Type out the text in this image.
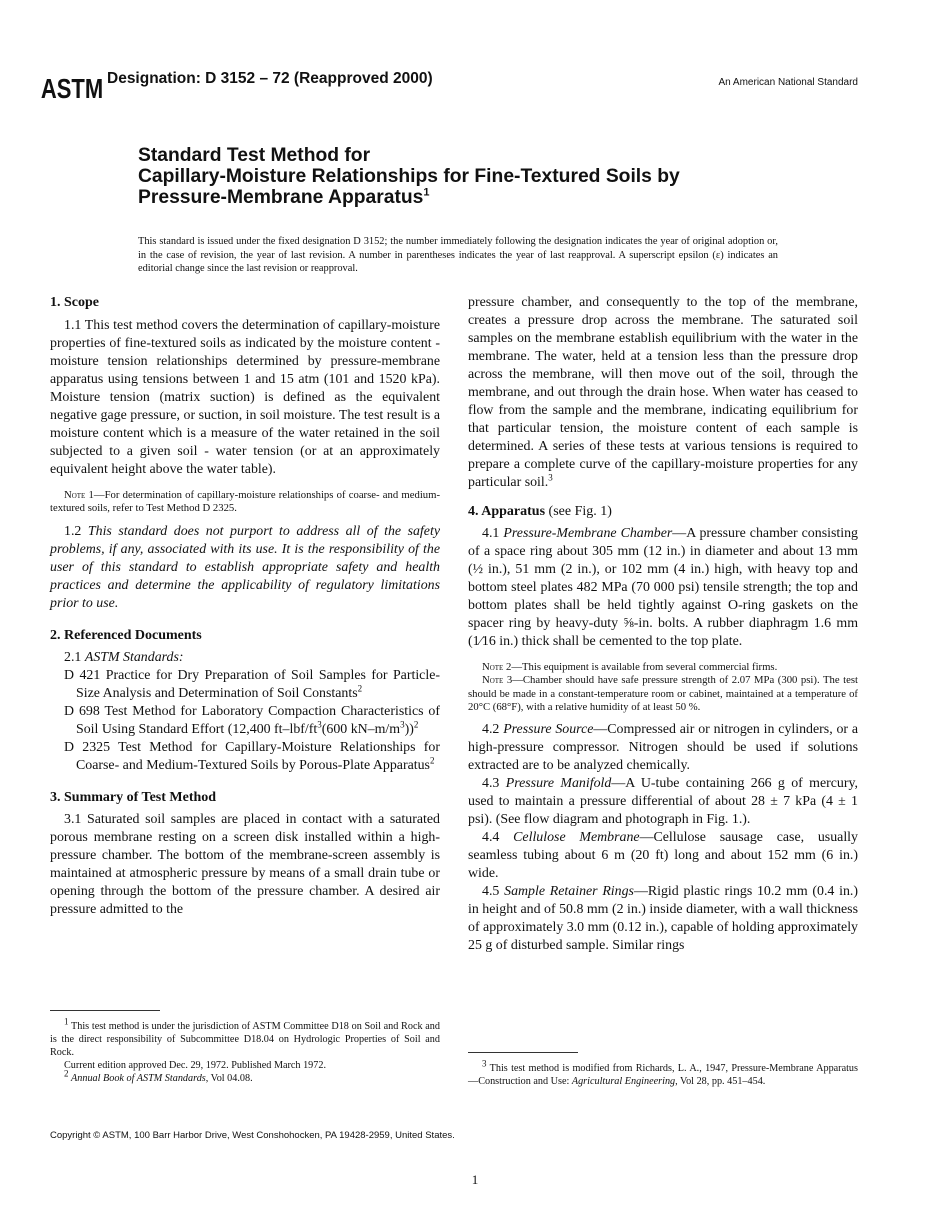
ASTM Designation: D 3152 – 72 (Reapproved 2000)	An American National Standard
Standard Test Method for
Capillary-Moisture Relationships for Fine-Textured Soils by
Pressure-Membrane Apparatus$^1$
This standard is issued under the fixed designation D 3152; the number immediately following the designation indicates the year of original adoption or, in the case of revision, the year of last revision. A number in parentheses indicates the year of last reapproval. A superscript epsilon (ε) indicates an editorial change since the last revision or reapproval.
1. Scope

1.1 This test method covers the determination of capillary-moisture properties of fine-textured soils as indicated by the moisture content - moisture tension relationships determined by pressure-membrane apparatus using tensions between 1 and 15 atm (101 and 1520 kPa). Moisture tension (matrix suction) is defined as the equivalent negative gage pressure, or suction, in soil moisture. The test result is a moisture content which is a measure of the water retained in the soil subjected to a given soil - water tension (or at an approximately equivalent height above the water table).

Note 1—For determination of capillary-moisture relationships of coarse- and medium-textured soils, refer to Test Method D 2325.

1.2 This standard does not purport to address all of the safety problems, if any, associated with its use. It is the responsibility of the user of this standard to establish appropriate safety and health practices and determine the applicability of regulatory limitations prior to use.

2. Referenced Documents

2.1 ASTM Standards:

D 421 Practice for Dry Preparation of Soil Samples for Particle-Size Analysis and Determination of Soil Constants$^2$

D 698 Test Method for Laboratory Compaction Characteristics of Soil Using Standard Effort (12,400 $ft-lbf/ft^3(600$ $kN-m/m^3))^2$

D 2325 Test Method for Capillary-Moisture Relationships for Coarse- and Medium-Textured Soils by Porous-Plate Apparatus$^2$

3. Summary of Test Method

3.1 Saturated soil samples are placed in contact with a saturated porous membrane resting on a screen disk installed within a high-pressure chamber. The bottom of the membrane-screen assembly is maintained at atmospheric pressure by means of a small drain tube or opening through the bottom of the pressure chamber. A desired air pressure admitted to the

$^1$ This test method is under the jurisdiction of ASTM Committee D18 on Soil and Rock and is the direct responsibility of Subcommittee D18.04 on Hydrologic Properties of Soil and Rock.
Current edition approved Dec. 29, 1972. Published March 1972.
$^2$ Annual Book of ASTM Standards, Vol 04.08.

pressure chamber, and consequently to the top of the membrane, creates a pressure drop across the membrane. The saturated soil samples on the membrane establish equilibrium with the water in the membrane. The water, held at a tension less than the pressure drop across the membrane, will then move out of the soil, through the membrane, and out through the drain hose. When water has ceased to flow from the sample and the membrane, indicating equilibrium for that particular tension, the moisture content of each sample is determined. A series of these tests at various tensions is required to prepare a complete curve of the capillary-moisture properties for any particular soil.$^3$

4. Apparatus (see Fig. 1)

4.1 Pressure-Membrane Chamber—A pressure chamber consisting of a space ring about 305 mm (12 in.) in diameter and about 13 mm (½ in.), 51 mm (2 in.), or 102 mm (4 in.) high, with heavy top and bottom steel plates 482 MPa (70 000 psi) tensile strength; the top and bottom plates shall be held tightly against O-ring gaskets on the spacer ring by heavy-duty ⅝-in. bolts. A rubber diaphragm 1.6 mm (1⁄16 in.) thick shall be cemented to the top plate.

Note 2—This equipment is available from several commercial firms.

Note 3—Chamber should have safe pressure strength of 2.07 MPa (300 psi). The test should be made in a constant-temperature room or cabinet, maintained at a temperature of 20°C (68°F), with a relative humidity of at least 50 %.

4.2 Pressure Source—Compressed air or nitrogen in cylinders, or a high-pressure compressor. Nitrogen should be used if solutions extracted are to be analyzed chemically.

4.3 Pressure Manifold—A U-tube containing 266 g of mercury, used to maintain a pressure differential of about 28 ± 7 kPa (4 ± 1 psi). (See flow diagram and photograph in Fig. 1.).

4.4 Cellulose Membrane—Cellulose sausage case, usually seamless tubing about 6 m (20 ft) long and about 152 mm (6 in.) wide.

4.5 Sample Retainer Rings—Rigid plastic rings 10.2 mm (0.4 in.) in height and of 50.8 mm (2 in.) inside diameter, with a wall thickness of approximately 3.0 mm (0.12 in.), capable of holding approximately 25 g of disturbed sample. Similar rings

$^3$ This test method is modified from Richards, L. A., 1947, Pressure-Membrane Apparatus—Construction and Use: Agricultural Engineering, Vol 28, pp. 451–454.
Copyright © ASTM, 100 Barr Harbor Drive, West Conshohocken, PA 19428-2959, United States.
1
